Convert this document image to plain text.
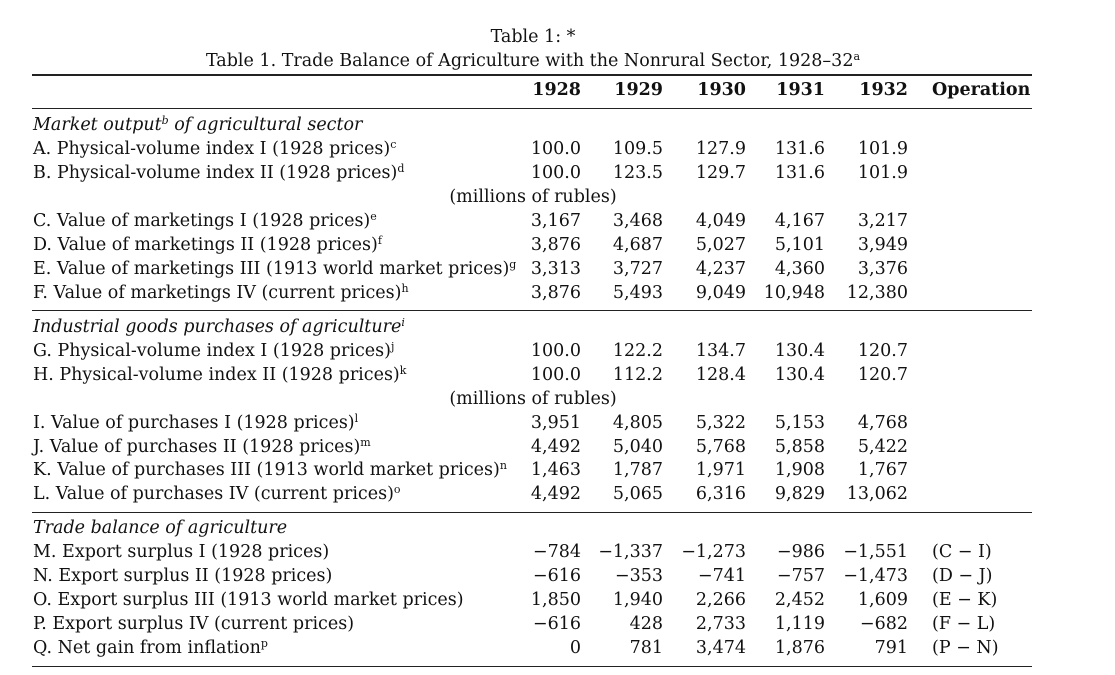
Table 1: *
Table 1. Trade Balance of Agriculture with the Nonrural Sector, 1928–32$^a$
1928	1929	1930	1931	1932 Operation
Market output$^b$ of agricultural sector
A. Physical-volume index I (1928 prices)$^c$	100.0	109.5	127.9	131.6	101.9
B. Physical-volume index II (1928 prices)$^d$	100.0	123.5	129.7	131.6	101.9
(millions of rubles)
C. Value of marketings I (1928 prices)$^e$	3,167	3,468	4,049	4,167	3,217
D. Value of marketings II (1928 prices)$^f$	3,876	4,687	5,027	5,101	3,949
E. Value of marketings III (1913 world market prices)$^g$ 3,313	3,727	4,237	4,360	3,376
F. Value of marketings IV (current prices)$^h$	3,876	5,493	9,049	10,948	12,380
Industrial goods purchases of agriculture$^i$
G. Physical-volume index I (1928 prices)$^j$	100.0	122.2	134.7	130.4	120.7
H. Physical-volume index II (1928 prices)$^k$	100.0	112.2	128.4	130.4	120.7
(millions of rubles)
I. Value of purchases I (1928 prices)$^l$	3,951	4,805	5,322	5,153	4,768
J. Value of purchases II (1928 prices)$^m$	4,492	5,040	5,768	5,858	5,422
K. Value of purchases III (1913 world market prices)$^n$	1,463	1,787	1,971	1,908	1,767
L. Value of purchases IV (current prices)$^o$	4,492	5,065	6,316	9,829	13,062
Trade balance of agriculture
M. Export surplus I (1928 prices)	−784 −1,337	−1,273	−986	−1,551 (C − I)
N. Export surplus II (1928 prices)	−616	−353	−741	−757	−1,473 (D − J)
O. Export surplus III (1913 world market prices)	1,850	1,940	2,266	2,452	1,609 (E − K)
P. Export surplus IV (current prices)	−616	428	2,733	1,119	−682 (F − L)
Q. Net gain from inflation$^p$	0	781	3,474	1,876	791 (P − N)
